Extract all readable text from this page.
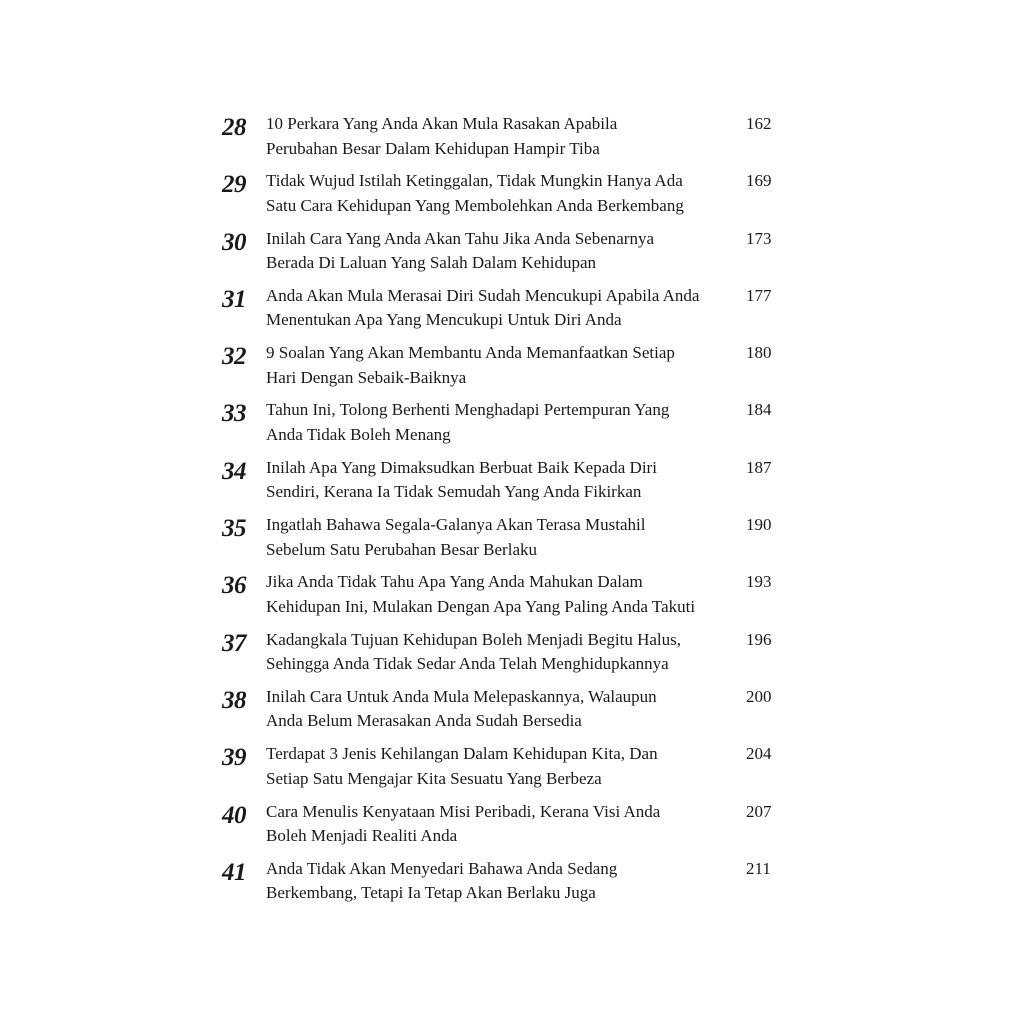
28	10 Perkara Yang Anda Akan Mula Rasakan Apabila
Perubahan Besar Dalam Kehidupan Hampir Tiba
162
29	Tidak Wujud Istilah Ketinggalan, Tidak Mungkin Hanya Ada
Satu Cara Kehidupan Yang Membolehkan Anda Berkembang
169
30	Inilah Cara Yang Anda Akan Tahu Jika Anda Sebenarnya
Berada Di Laluan Yang Salah Dalam Kehidupan
173
31	Anda Akan Mula Merasai Diri Sudah Mencukupi Apabila Anda
Menentukan Apa Yang Mencukupi Untuk Diri Anda
177
32	9 Soalan Yang Akan Membantu Anda Memanfaatkan Setiap
Hari Dengan Sebaik-Baiknya
180
33	Tahun Ini, Tolong Berhenti Menghadapi Pertempuran Yang
Anda Tidak Boleh Menang
184
34	Inilah Apa Yang Dimaksudkan Berbuat Baik Kepada Diri
Sendiri, Kerana Ia Tidak Semudah Yang Anda Fikirkan
187
35	Ingatlah Bahawa Segala-Galanya Akan Terasa Mustahil
Sebelum Satu Perubahan Besar Berlaku
190
36	Jika Anda Tidak Tahu Apa Yang Anda Mahukan Dalam
Kehidupan Ini, Mulakan Dengan Apa Yang Paling Anda Takuti
193
37	Kadangkala Tujuan Kehidupan Boleh Menjadi Begitu Halus,
Sehingga Anda Tidak Sedar Anda Telah Menghidupkannya
196
38	Inilah Cara Untuk Anda Mula Melepaskannya, Walaupun
Anda Belum Merasakan Anda Sudah Bersedia
200
39	Terdapat 3 Jenis Kehilangan Dalam Kehidupan Kita, Dan
Setiap Satu Mengajar Kita Sesuatu Yang Berbeza
204
40	Cara Menulis Kenyataan Misi Peribadi, Kerana Visi Anda
Boleh Menjadi Realiti Anda
207
41	Anda Tidak Akan Menyedari Bahawa Anda Sedang
Berkembang, Tetapi Ia Tetap Akan Berlaku Juga
211
